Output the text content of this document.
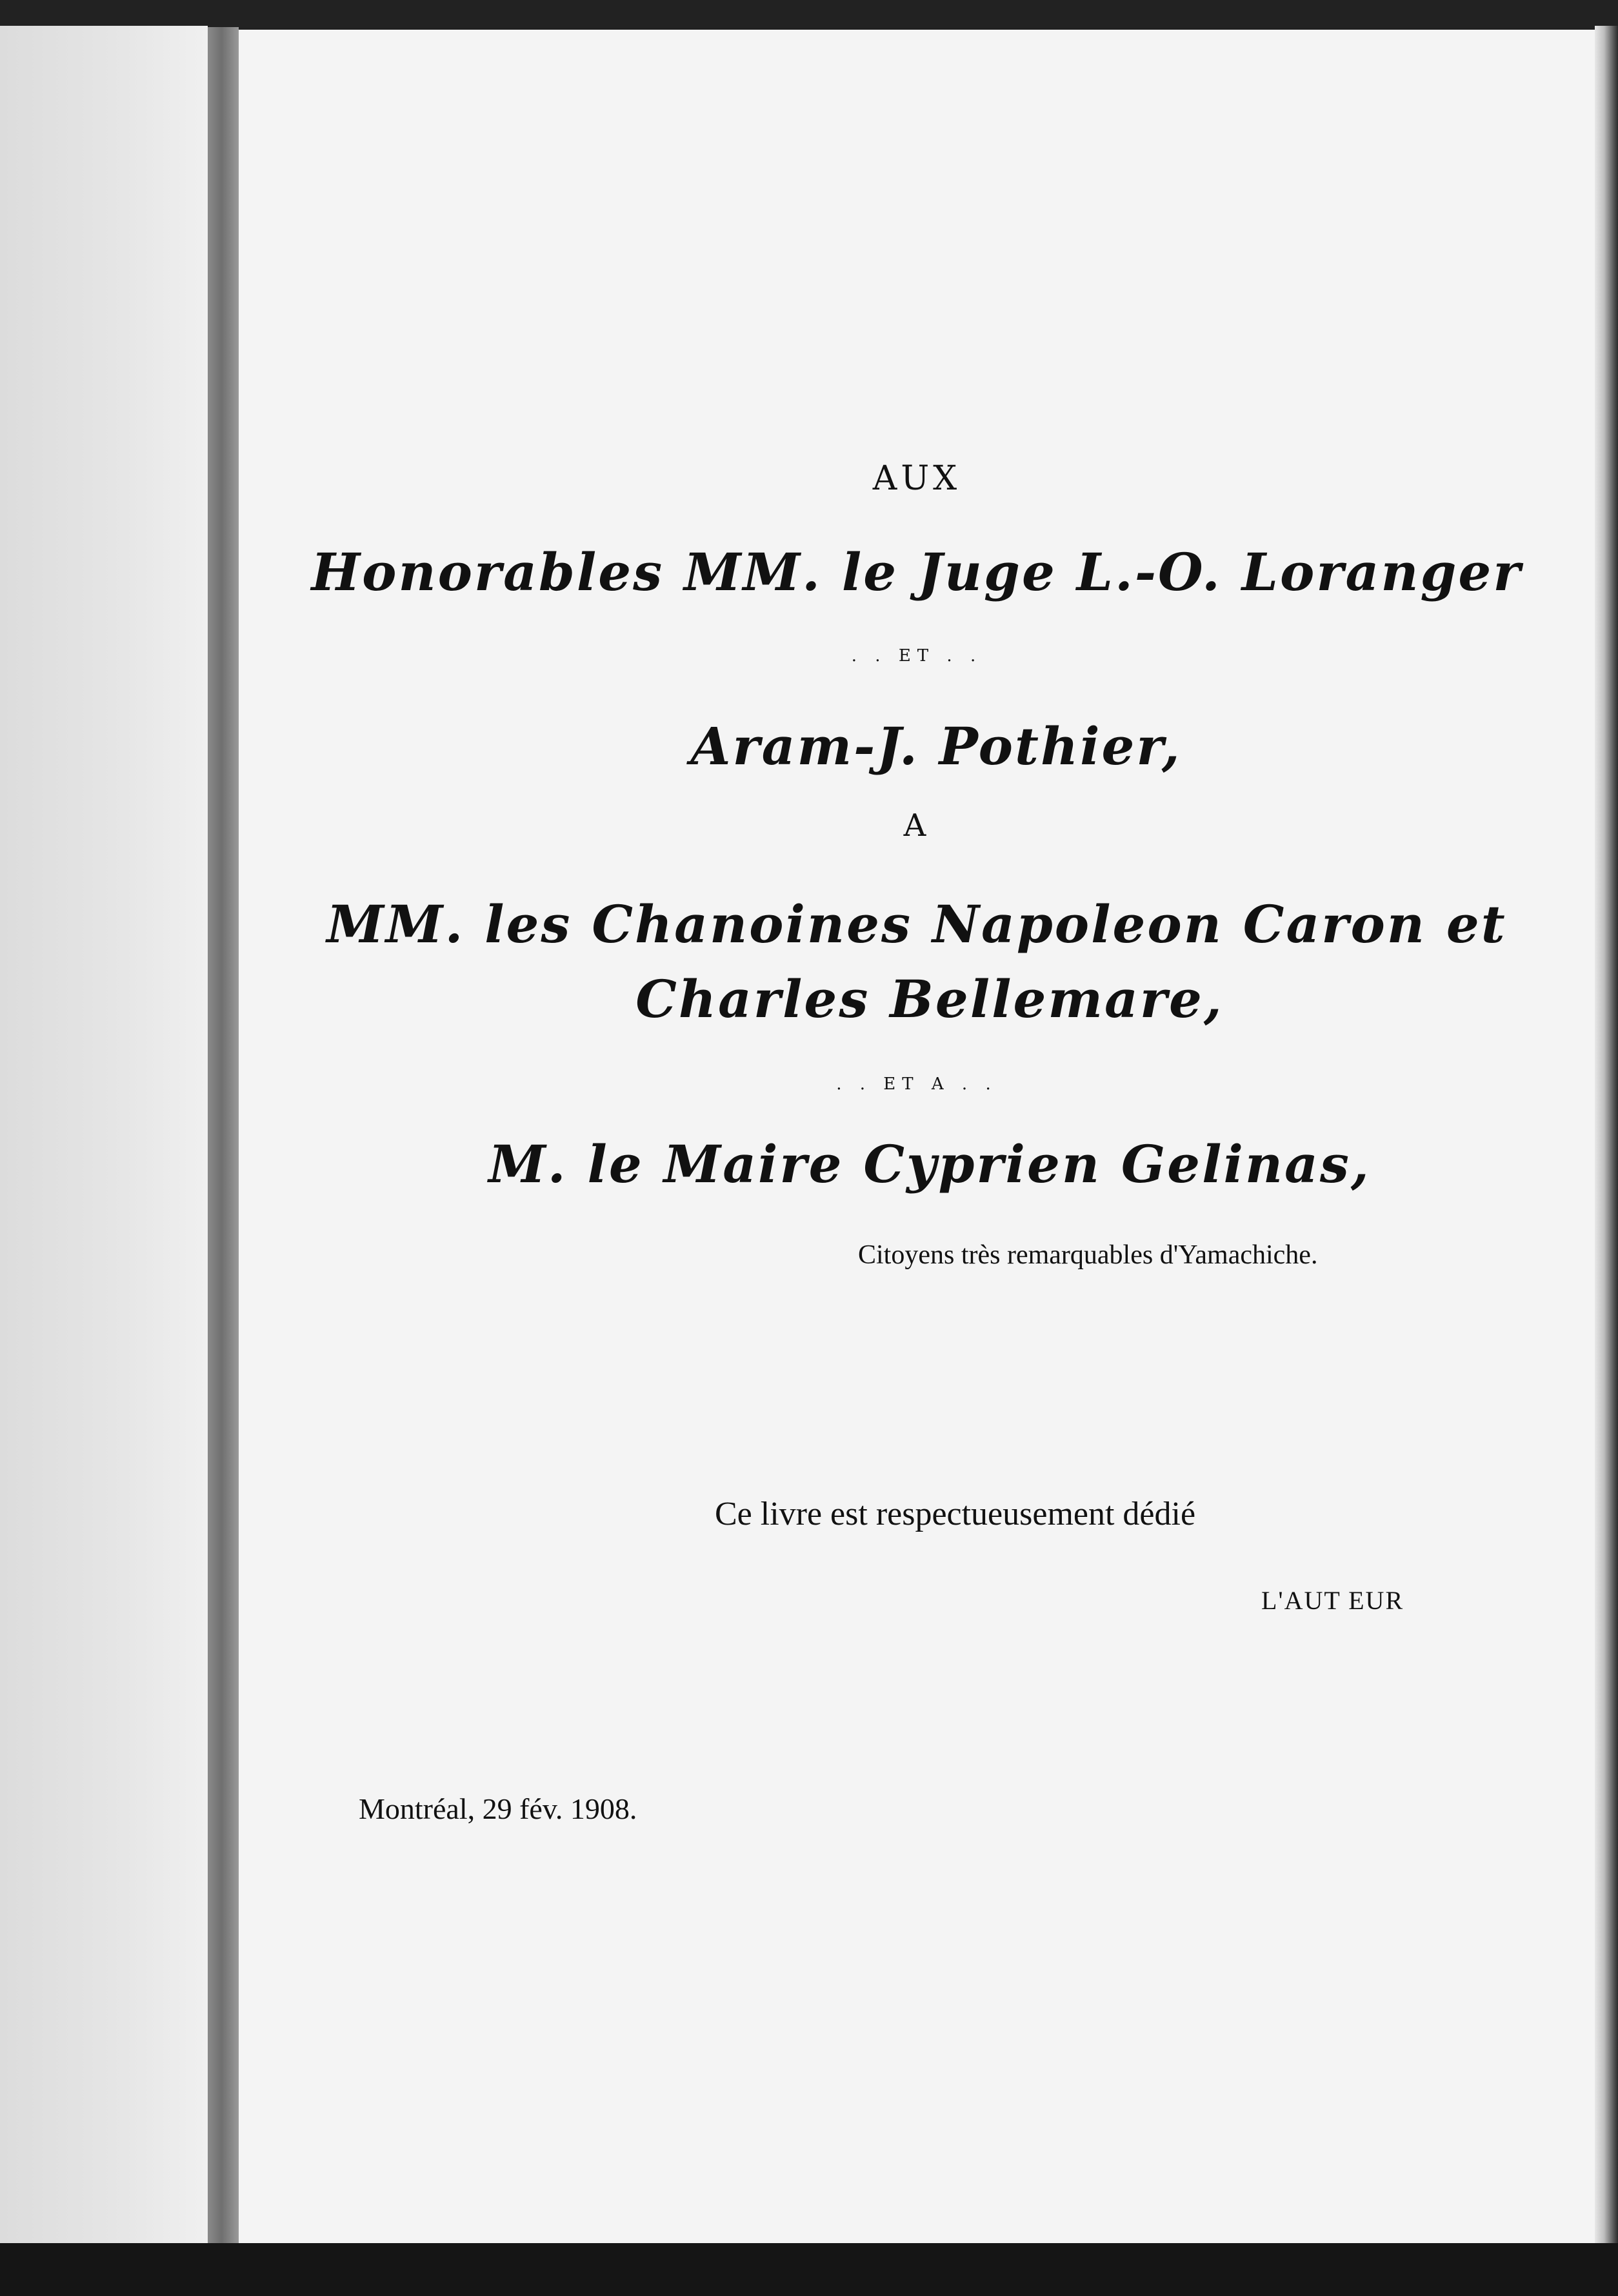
AUX
Honorables MM. le Juge L.-O. Loranger
. . ET . .
Aram-J. Pothier,
A
MM. les Chanoines Napoleon Caron et
Charles Bellemare,
. . ET A . .
M. le Maire Cyprien Gelinas,
Citoyens très remarquables d'Yamachiche.
Ce livre est respectueusement dédié
L'AUT EUR
Montréal, 29 fév. 1908.
